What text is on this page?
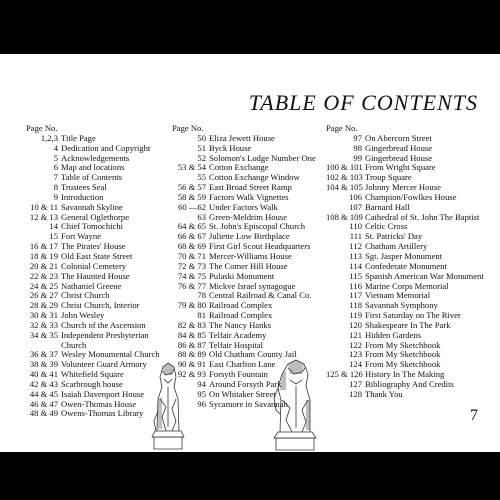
TABLE OF CONTENTS
Page No.
1,2,3 Title Page
4 Dedication and Copyright
5 Acknowledgements
6 Map and locations
7 Table of Contents
8 Trustees Seal
9 Introduction
10 & 11 Savannah Skyline
12 & 13 General Oglethorpe
14 Chief Tomochichi
15 Fort Wayne
16 & 17 The Pirates' House
18 & 19 Old East State Street
20 & 21 Colonial Cemetery
22 & 23 The Haunted House
24 & 25 Nathaniel Greene
26 & 27 Christ Church
28 & 29 Christ Church, Interior
30 & 31 John Wesley
32 & 33 Church of the Ascension
34 & 35 Independent Presbyterian
Church
36 & 37 Wesley Monumental Church
38 & 39 Volunteer Guard Armory
40 & 41 Whitefield Square
42 & 43 Scarbrough house
44 & 45 Isaiah Davenport House
46 & 47 Owen-Thomas House
48 & 49 Owens-Thomas Library
Page No.
50 Eliza Jewett House
51 Byck House
52 Solomon's Lodge Number One
53 & 54 Cotton Exchange
55 Cotton Exchange Window
56 & 57 East Broad Street Ramp
58 & 59 Factors Walk Vignettes
60 —62 Under Factors Walk
63 Green-Meldrim House
64 & 65 St. John's Episcopal Church
66 & 67 Juliette Low Birthplace
68 & 69 First Girl Scout Headquarters
70 & 71 Mercer-Williams House
72 & 73 The Comer Hill House
74 & 75 Pulaski Monument
76 & 77 Mickve Israel synagogue
78 Central Railroad & Canal Co.
79 & 80 Railroad Complex
81 Railroad Complex
82 & 83 The Nancy Hanks
84 & 85 Telfair Academy
86 & 87 Telfair Hospital
88 & 89 Old Chatham County Jail
90 & 91 East Charlton Lane
92 & 93 Forsyth Fountain
94 Around Forsyth Park
95 On Whitaker Street
96 Sycamore in Savannah
Page No.
97 On Abercorn Street
98 Gingerbread House
99 Gingerbread House
100 & 101 From Wright Square
102 & 103 Troup Square
104 & 105 Johnny Mercer House
106 Champion/Fowlkes House
107 Barnard Hall
108 & 109 Cathedral of St. John The Baptist
110 Celtic Cross
111 St. Patricks' Day
112 Chatham Artillery
113 Sgt. Jasper Monument
114 Confederate Monument
115 Spanish American War Monument
116 Marine Corps Memorial
117 Vietnam Memorial
118 Savannah Symphony
119 First Saturday on The River
120 Shakespeare In The Park
121 Hidden Gardens
122 From My Sketchbook
123 From My Sketchbook
124 From My Sketchbook
125 & 126 History In The Making
127 Bibliography And Credits
128 Thank You
7
